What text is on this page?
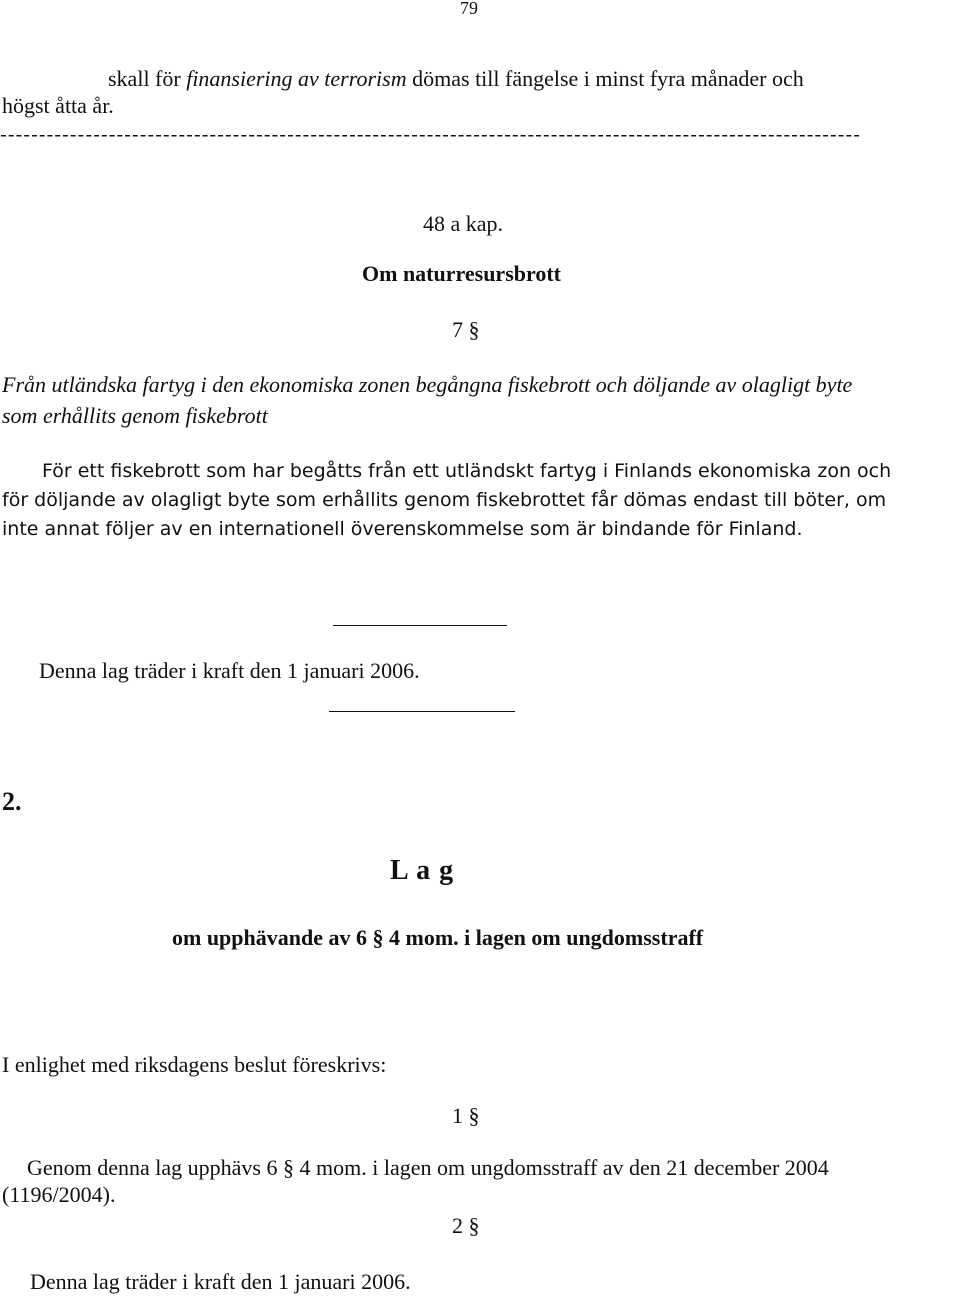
79
skall för finansiering av terrorism dömas till fängelse i minst fyra månader och
högst åtta år.
---------------------------------------------------------------------------------------------------------------
48 a kap.
Om naturresursbrott
7 §
Från utländska fartyg i den ekonomiska zonen begångna fiskebrott och döljande av olagligt byte
som erhållits genom fiskebrott
För ett fiskebrott som har begåtts från ett utländskt fartyg i Finlands ekonomiska zon och
för döljande av olagligt byte som erhållits genom fiskebrottet får dömas endast till böter, om
inte annat följer av en internationell överenskommelse som är bindande för Finland.
Denna lag träder i kraft den 1 januari 2006.
2.
L a g
om upphävande av 6 § 4 mom. i lagen om ungdomsstraff
I enlighet med riksdagens beslut föreskrivs:
1 §
Genom denna lag upphävs 6 § 4 mom. i lagen om ungdomsstraff av den 21 december 2004
(1196/2004).
2 §
Denna lag träder i kraft den 1 januari 2006.
